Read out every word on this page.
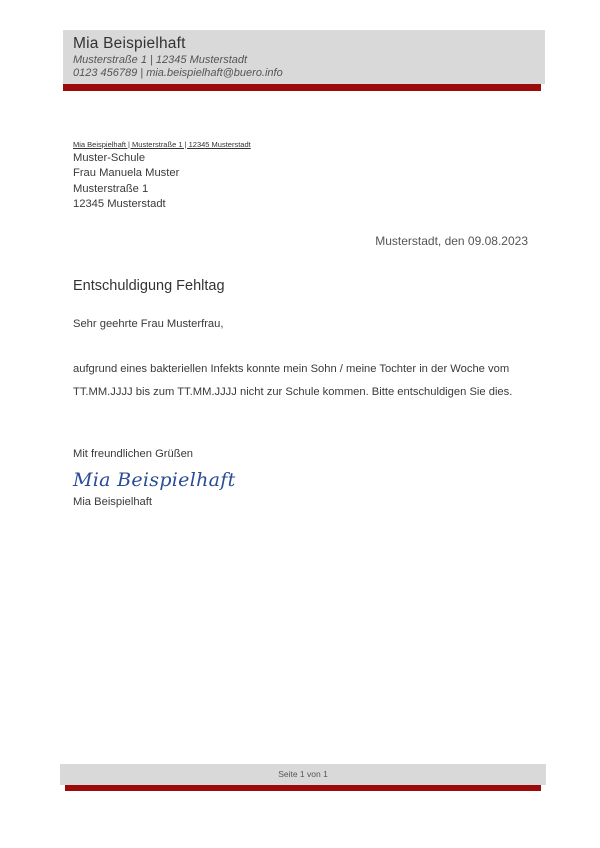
Mia Beispielhaft
Musterstraße 1 | 12345 Musterstadt
0123 456789 | mia.beispielhaft@buero.info
Mia Beispielhaft | Musterstraße 1 | 12345 Musterstadt
Muster-Schule
Frau Manuela Muster
Musterstraße 1
12345 Musterstadt
Musterstadt, den 09.08.2023
Entschuldigung Fehltag
Sehr geehrte Frau Musterfrau,
aufgrund eines bakteriellen Infekts konnte mein Sohn / meine Tochter in der Woche vom TT.MM.JJJJ bis zum TT.MM.JJJJ nicht zur Schule kommen. Bitte entschuldigen Sie dies.
Mit freundlichen Grüßen
Mia Beispielhaft
Mia Beispielhaft
Seite 1 von 1
